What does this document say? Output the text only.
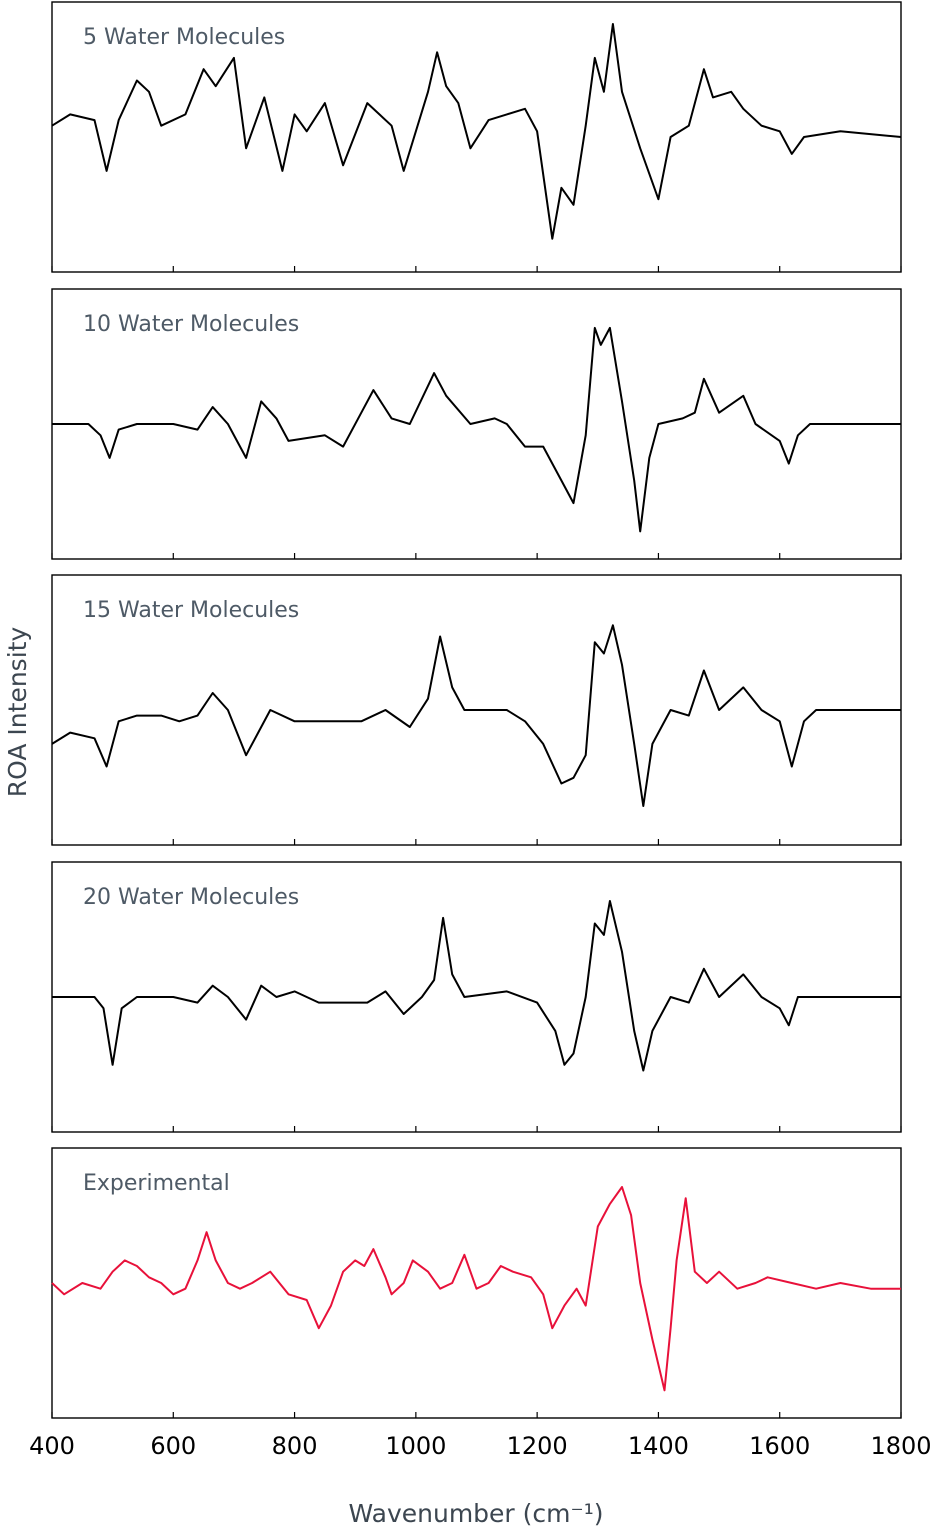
5 Water Molecules
10 Water Molecules
15 Water Molecules
20 Water Molecules
Experimental
400	600	800	1000	1200	1400	1600	1800
Wavenumber (cm⁻¹)
ROA Intensity
